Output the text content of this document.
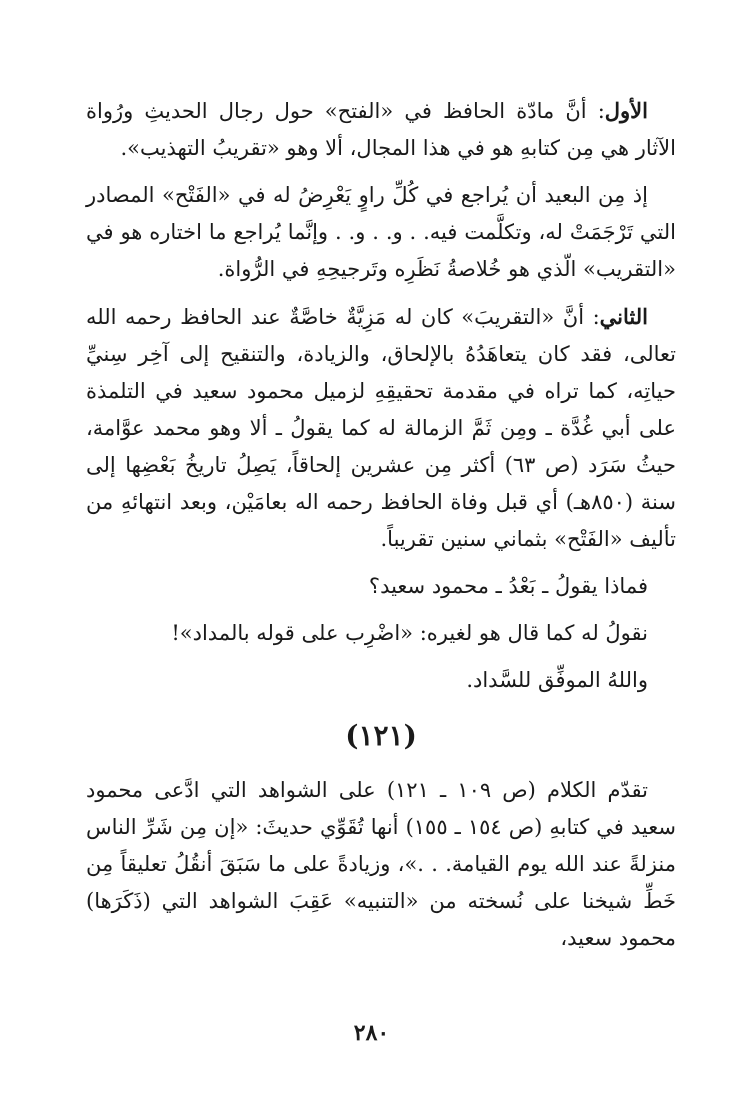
الأول: أنَّ مادّة الحافظ في «الفتح» حول رجال الحديثِ ورُواة الآثار هي مِن كتابهِ هو في هذا المجال، ألا وهو «تقريبُ التهذيب».

إذ مِن البعيد أن يُراجع في كُلِّ راوٍ يَعْرِضُ له في «الفَتْح» المصادر التي تَرْجَمَتْ له، وتكلَّمت فيه. . و. . و. . وإنَّما يُراجع ما اختاره هو في «التقريب» الّذي هو خُلاصةُ نَظَرِه وتَرجيحِهِ في الرُّواة.

الثاني: أنَّ «التقريبَ» كان له مَزِيَّةٌ خاصَّةٌ عند الحافظ رحمه الله تعالى، فقد كان يتعاهَدُهُ بالإلحاق، والزيادة، والتنقيح إلى آخِر سِنيِّ حياتِه، كما تراه في مقدمة تحقيقِهِ لزميل محمود سعيد في التلمذة على أبي غُدَّة ـ ومِن ثَمَّ الزمالة له كما يقولُ ـ ألا وهو محمد عوَّامة، حيثُ سَرَد (ص ٦٣) أكثر مِن عشرين إلحاقاً، يَصِلُ تاريخُ بَعْضِها إلى سنة (٨٥٠هـ) أي قبل وفاة الحافظ رحمه اله بعامَيْن، وبعد انتهائهِ من تأليف «الفَتْح» بثماني سنين تقريباً.

فماذا يقولُ ـ بَعْدُ ـ محمود سعيد؟

نقولُ له كما قال هو لغيره: «اضْرِب على قوله بالمداد»!

واللهُ الموفِّق للسَّداد.

(١٢١)

تقدّم الكلام (ص ١٠٩ ـ ١٢١) على الشواهد التي ادَّعى محمود سعيد في كتابهِ (ص ١٥٤ ـ ١٥٥) أنها تُقَوِّي حديثَ: «إن مِن شَرِّ الناس منزلةً عند الله يوم القيامة. . .»، وزيادةً على ما سَبَقَ أنقُلُ تعليقاً مِن خَطِّ شيخنا على نُسخته من «التنبيه» عَقِبَ الشواهد التي (ذَكَرَها) محمود سعيد،

٢٨٠
